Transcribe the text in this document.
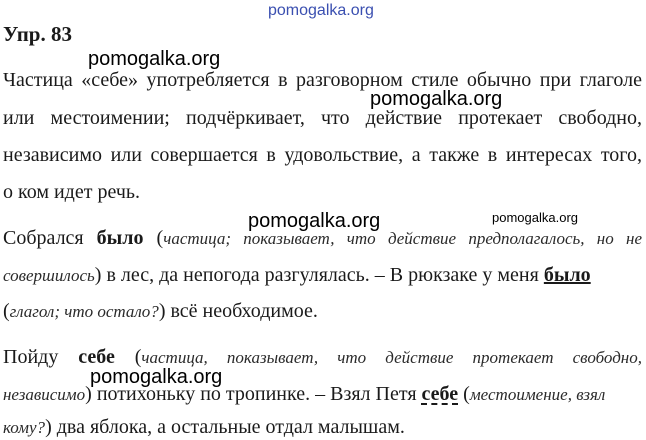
pomogalka.org

Упр. 83

pomogalka.org

Частица «себе» употребляется в разговорном стиле обычно при глаголе

pomogalka.org

или местоимении; подчёркивает, что действие протекает свободно,

независимо или совершается в удовольствие, а также в интересах того,

о ком идет речь.

pomogalka.org	pomogalka.org

Собрался было (частица; показывает, что действие предполагалось, но не

совершилось) в лес, да непогода разгулялась. – В рюкзаке у меня было

(глагол; что осталo?) всё необходимое.

Пойду себе (частица, показывает, что действие протекает свободно,

pomogalka.org

независимо) потихоньку по тропинке. – Взял Петя себе (местоимение, взял

кому?) два яблока, а остальные отдал малышам.
